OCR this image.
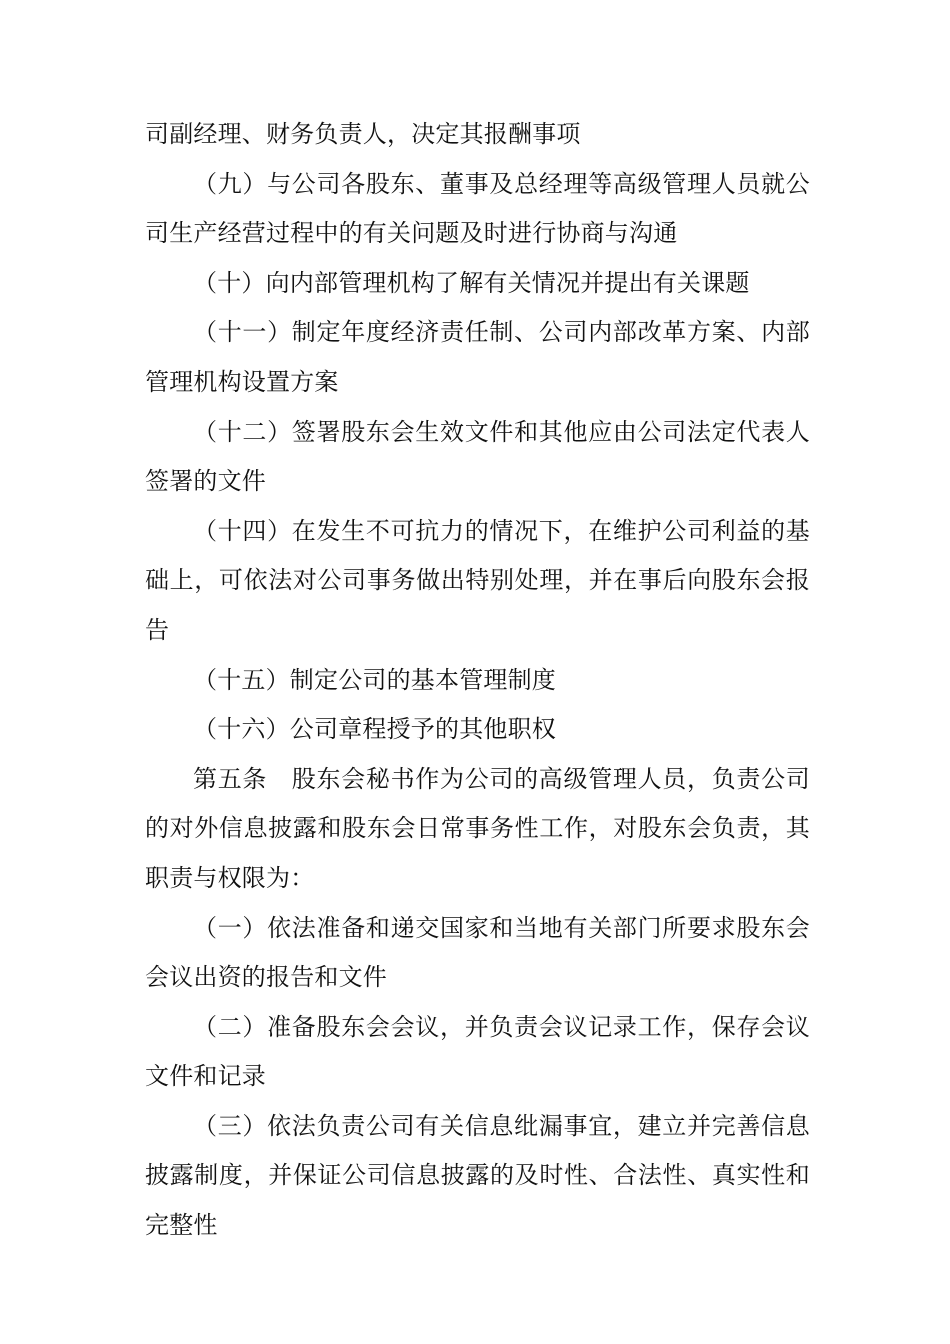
司副经理、财务负责人，决定其报酬事项

（九）与公司各股东、董事及总经理等高级管理人员就公司生产经营过程中的有关问题及时进行协商与沟通

（十）向内部管理机构了解有关情况并提出有关课题

（十一）制定年度经济责任制、公司内部改革方案、内部管理机构设置方案

（十二）签署股东会生效文件和其他应由公司法定代表人签署的文件

（十四）在发生不可抗力的情况下，在维护公司利益的基础上，可依法对公司事务做出特别处理，并在事后向股东会报告

（十五）制定公司的基本管理制度

（十六）公司章程授予的其他职权

第五条　股东会秘书作为公司的高级管理人员，负责公司的对外信息披露和股东会日常事务性工作，对股东会负责，其职责与权限为：

（一）依法准备和递交国家和当地有关部门所要求股东会会议出资的报告和文件

（二）准备股东会会议，并负责会议记录工作，保存会议文件和记录

（三）依法负责公司有关信息纰漏事宜，建立并完善信息披露制度，并保证公司信息披露的及时性、合法性、真实性和完整性
